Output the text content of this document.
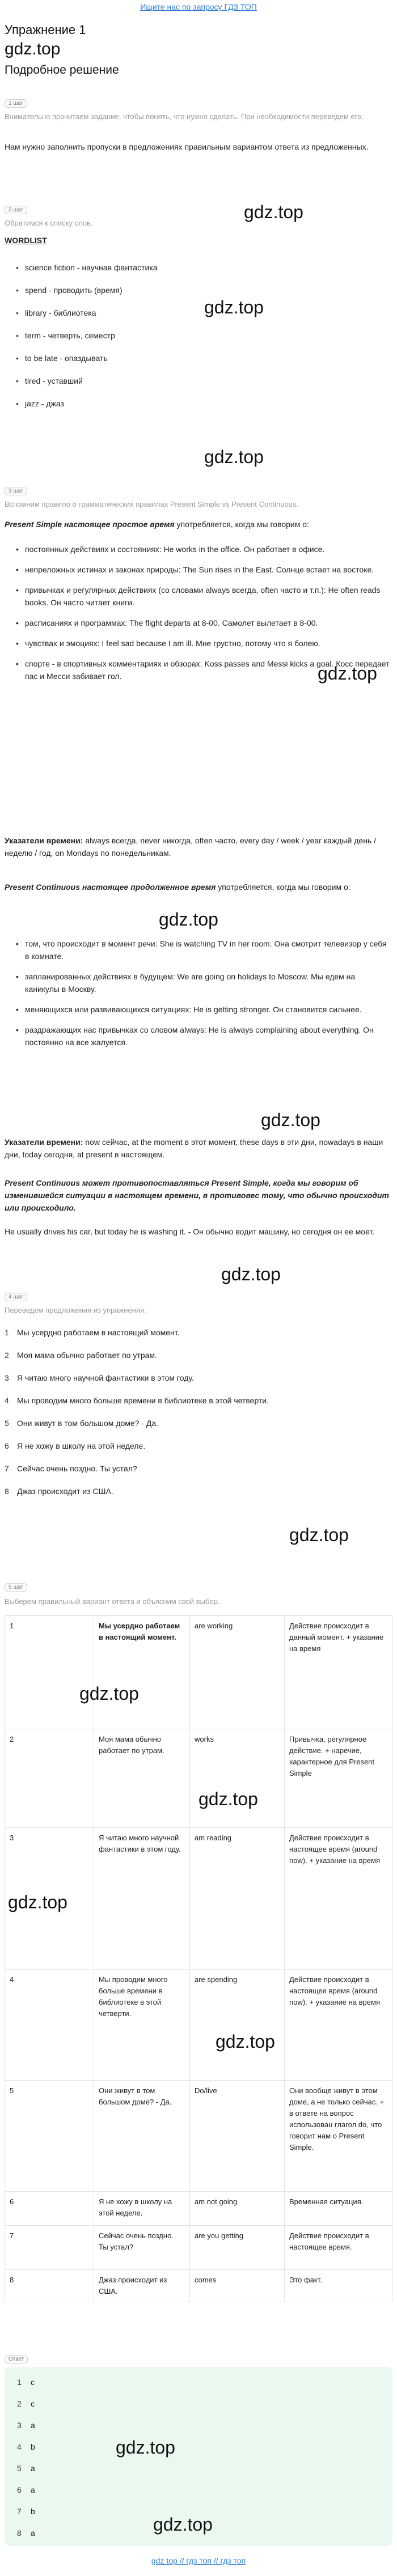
Ищите нас по запросу ГДЗ ТОП
Упражнение 1
gdz.top
Подробное решение
1 шаг
Внимательно прочитаем задание, чтобы понять, что нужно сделать. При необходимости переведем его.
Нам нужно заполнить пропуски в предложениях правильным вариантом ответа из предложенных.
2 шаг
Обратимся к списку слов.
WORDLIST
gdz.top
• science fiction - научная фантастика
• spend - проводить (время)
• library - библиотека
• term - четверть, семестр
• to be late - опаздывать
• tired - уставший
• jazz - джаз
gdz.top
gdz.top
3 шаг
Вспомним правило о грамматических правилах Present Simple vs Present Continuous.
Present Simple настоящее простое время употребляется, когда мы говорим о:
• постоянных действиях и состояниях: He works in the office. Он работает в офисе.
• непреложных истинах и законах природы: The Sun rises in the East. Солнце встает на востоке.
• привычках и регулярных действиях (со словами always всегда, often часто и т.п.): He often reads books. Он часто читает книги.
• расписаниях и программах: The flight departs at 8-00. Самолет вылетает в 8-00.
• чувствах и эмоциях: I feel sad because I am ill. Мне грустно, потому что я болею.
• спорте - в спортивных комментариях и обзорах: Koss passes and Messi kicks a goal. Косс передает пас и Месси забивает гол.	gdz.top
Указатели времени: always всегда, never никогда, often часто, every day / week / year каждый день / неделю / год, on Mondays по понедельникам.
Present Continuous настоящее продолженное время употребляется, когда мы говорим о:
gdz.top
• том, что происходит в момент речи: She is watching TV in her room. Она смотрит телевизор у себя в комнате.
• запланированных действиях в будущем: We are going on holidays to Moscow. Мы едем на каникулы в Москву.
• меняющихся или развивающихся ситуациях: He is getting stronger. Он становится сильнее.
• раздражающих нас привычках со словом always: He is always complaining about everything. Он постоянно на все жалуется.
gdz.top
Указатели времени: now сейчас, at the moment в этот момент, these days в эти дни, nowadays в наши дни, today сегодня, at present в настоящем.
Present Continuous может противопоставляться Present Simple, когда мы говорим об изменившейся ситуации в настоящем времени, в противовес тому, что обычно происходит или происходило.
He usually drives his car, but today he is washing it. - Он обычно водит машину, но сегодня он ее моет.
gdz.top
4 шаг
Переведем предложения из упражнения.
1 Мы усердно работаем в настоящий момент.
2 Моя мама обычно работает по утрам.
3 Я читаю много научной фантастики в этом году.
4 Мы проводим много больше времени в библиотеке в этой четверти.
5 Они живут в том большом доме? - Да.
6 Я не хожу в школу на этой неделе.
7 Сейчас очень поздно. Ты устал?
8 Джаз происходит из США.
gdz.top
5 шаг
Выберем правильный вариант ответа и объясним свой выбор.
1	Мы усердно работаем в настоящий момент.	are working	Действие происходит в данный момент. + указание на время
2	Моя мама обычно работает по утрам.	works	Привычка, регулярное действие. + наречие, характерное для Present Simple
3	Я читаю много научной фантастики в этом году.	am reading	Действие происходит в настоящее время (around now). + указание на время
4	Мы проводим много больше времени в библиотеке в этой четверти.	are spending	Действие происходит в настоящее время (around now). + указание на время
5	Они живут в том большом доме? - Да.	Do/live	Они вообще живут в этом доме, а не только сейчас. + в ответе на вопрос использован глагол do, что говорит нам о Present Simple.
6	Я не хожу в школу на этой неделе.	am not going	Временная ситуация.
7	Сейчас очень поздно. Ты устал?	are you getting	Действие происходит в настоящее время.
8	Джаз происходит из США.	comes	Это факт.
gdz.top
gdz.top
gdz.top
gdz.top
Ответ
1 c
2 c
3 a
4 b
5 a
6 a
7 b
8 a
gdz.top
gdz.top
gdz top // гдз топ // гдз топ
